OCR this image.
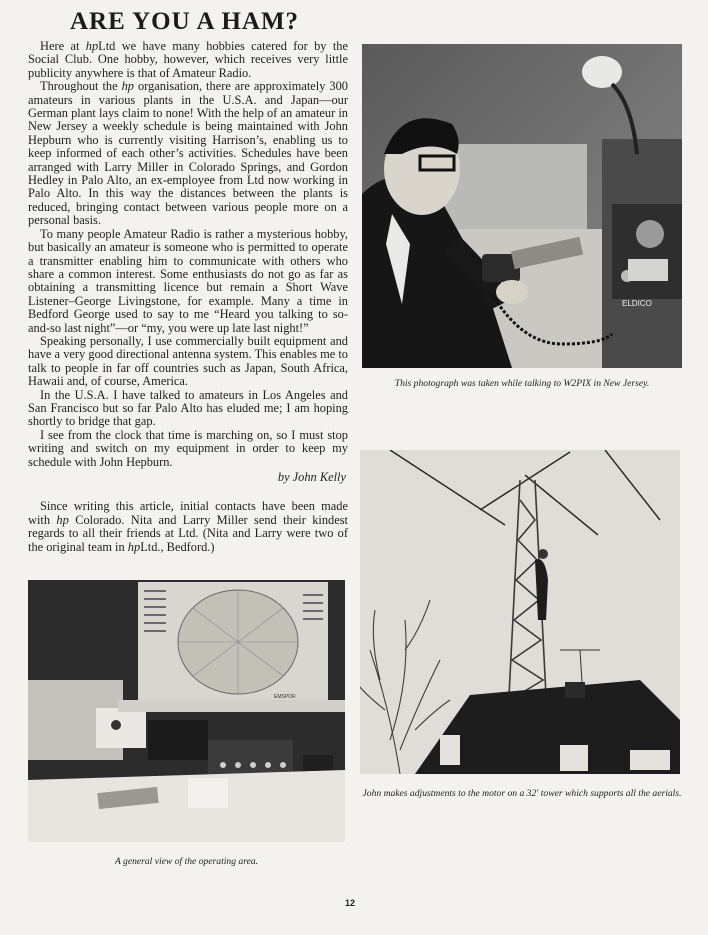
ARE YOU A HAM?

Here at hpLtd we have many hobbies catered for by the Social Club. One hobby, however, which receives very little publicity anywhere is that of Amateur Radio.

Throughout the hp organisation, there are approximately 300 amateurs in various plants in the U.S.A. and Japan—our German plant lays claim to none! With the help of an amateur in New Jersey a weekly schedule is being maintained with John Hepburn who is currently visiting Harrison’s, enabling us to keep informed of each other’s activities. Schedules have been arranged with Larry Miller in Colorado Springs, and Gordon Hedley in Palo Alto, an ex-employee from Ltd now working in Palo Alto. In this way the distances between the plants is reduced, bringing contact between various people more on a personal basis.

To many people Amateur Radio is rather a mysterious hobby, but basically an amateur is someone who is permitted to operate a transmitter enabling him to communicate with others who share a common interest. Some enthusiasts do not go as far as obtaining a transmitting licence but remain a Short Wave Listener–George Livingstone, for example. Many a time in Bedford George used to say to me “Heard you talking to so-and-so last night”—or “my, you were up late last night!”

Speaking personally, I use commercially built equipment and have a very good directional antenna system. This enables me to talk to people in far off countries such as Japan, South Africa, Hawaii and, of course, America.

In the U.S.A. I have talked to amateurs in Los Angeles and San Francisco but so far Palo Alto has eluded me; I am hoping shortly to bridge that gap.

I see from the clock that time is marching on, so I must stop writing and switch on my equipment in order to keep my schedule with John Hepburn.

by John Kelly

Since writing this article, initial contacts have been made with hp Colorado. Nita and Larry Miller send their kindest regards to all their friends at Ltd. (Nita and Larry were two of the original team in hpLtd., Bedford.)

ELDICO
This photograph was taken while talking to W2PIX in New Jersey.
John makes adjustments to the motor on a 32′ tower which supports all the aerials.
EMSPOR
A general view of the operating area.
12
